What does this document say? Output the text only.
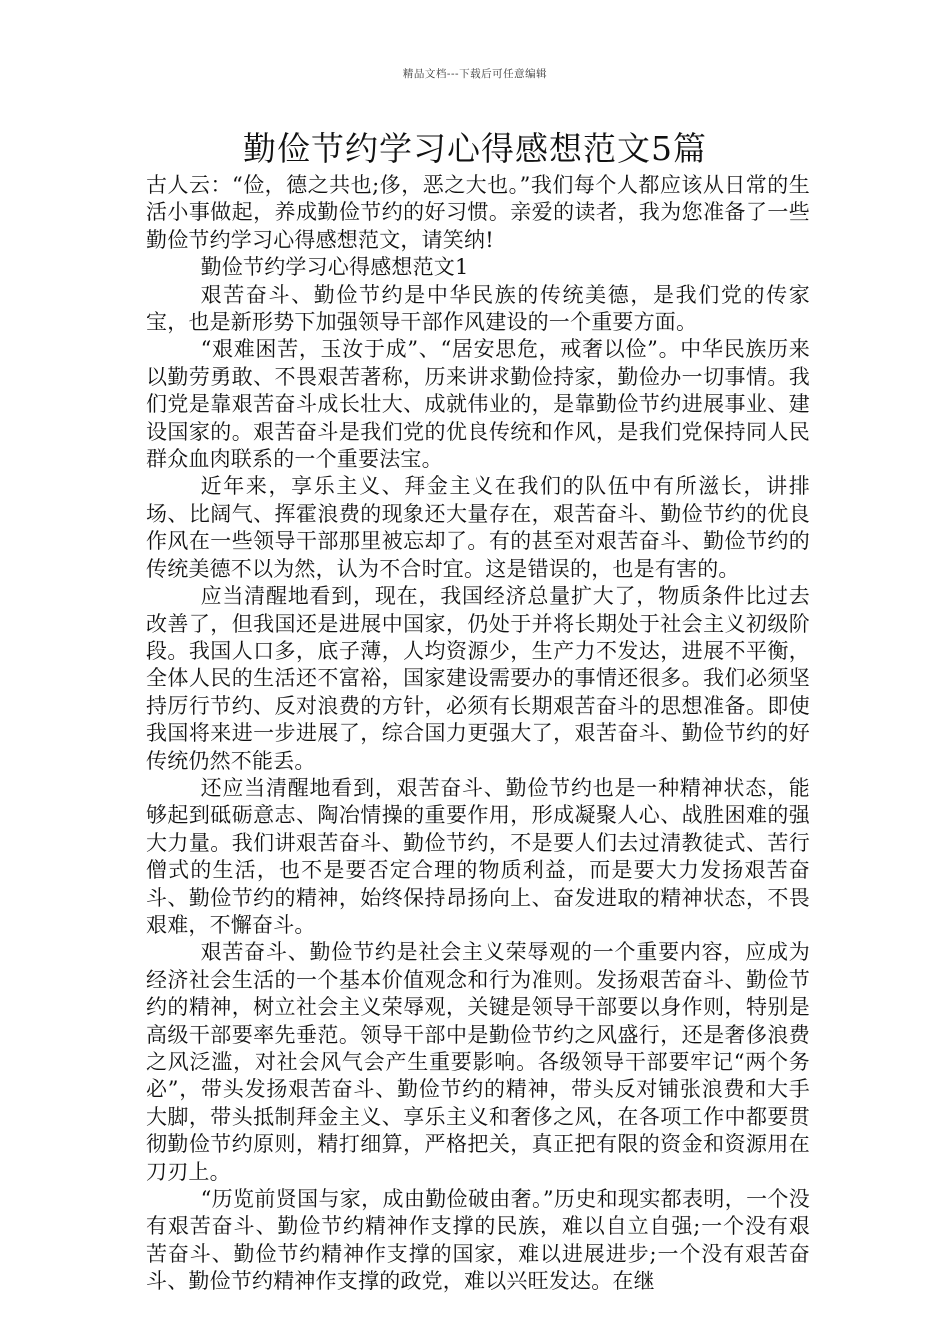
精品文档---下载后可任意编辑
勤俭节约学习心得感想范文5篇

古人云：“俭，德之共也;侈，恶之大也。”我们每个人都应该从日常的生活小事做起，养成勤俭节约的好习惯。亲爱的读者，我为您准备了一些勤俭节约学习心得感想范文，请笑纳!

勤俭节约学习心得感想范文1

艰苦奋斗、勤俭节约是中华民族的传统美德，是我们党的传家宝，也是新形势下加强领导干部作风建设的一个重要方面。

“艰难困苦，玉汝于成”、“居安思危，戒奢以俭”。中华民族历来以勤劳勇敢、不畏艰苦著称，历来讲求勤俭持家，勤俭办一切事情。我们党是靠艰苦奋斗成长壮大、成就伟业的，是靠勤俭节约进展事业、建设国家的。艰苦奋斗是我们党的优良传统和作风，是我们党保持同人民群众血肉联系的一个重要法宝。

近年来，享乐主义、拜金主义在我们的队伍中有所滋长，讲排场、比阔气、挥霍浪费的现象还大量存在，艰苦奋斗、勤俭节约的优良作风在一些领导干部那里被忘却了。有的甚至对艰苦奋斗、勤俭节约的传统美德不以为然，认为不合时宜。这是错误的，也是有害的。

应当清醒地看到，现在，我国经济总量扩大了，物质条件比过去改善了，但我国还是进展中国家，仍处于并将长期处于社会主义初级阶段。我国人口多，底子薄，人均资源少，生产力不发达，进展不平衡，全体人民的生活还不富裕，国家建设需要办的事情还很多。我们必须坚持厉行节约、反对浪费的方针，必须有长期艰苦奋斗的思想准备。即使我国将来进一步进展了，综合国力更强大了，艰苦奋斗、勤俭节约的好传统仍然不能丢。

还应当清醒地看到，艰苦奋斗、勤俭节约也是一种精神状态，能够起到砥砺意志、陶冶情操的重要作用，形成凝聚人心、战胜困难的强大力量。我们讲艰苦奋斗、勤俭节约，不是要人们去过清教徒式、苦行僧式的生活，也不是要否定合理的物质利益，而是要大力发扬艰苦奋斗、勤俭节约的精神，始终保持昂扬向上、奋发进取的精神状态，不畏艰难，不懈奋斗。

艰苦奋斗、勤俭节约是社会主义荣辱观的一个重要内容，应成为经济社会生活的一个基本价值观念和行为准则。发扬艰苦奋斗、勤俭节约的精神，树立社会主义荣辱观，关键是领导干部要以身作则，特别是高级干部要率先垂范。领导干部中是勤俭节约之风盛行，还是奢侈浪费之风泛滥，对社会风气会产生重要影响。各级领导干部要牢记“两个务必”，带头发扬艰苦奋斗、勤俭节约的精神，带头反对铺张浪费和大手大脚，带头抵制拜金主义、享乐主义和奢侈之风，在各项工作中都要贯彻勤俭节约原则，精打细算，严格把关，真正把有限的资金和资源用在刀刃上。

“历览前贤国与家，成由勤俭破由奢。”历史和现实都表明，一个没有艰苦奋斗、勤俭节约精神作支撑的民族，难以自立自强;一个没有艰苦奋斗、勤俭节约精神作支撑的国家，难以进展进步;一个没有艰苦奋斗、勤俭节约精神作支撑的政党，难以兴旺发达。在继
